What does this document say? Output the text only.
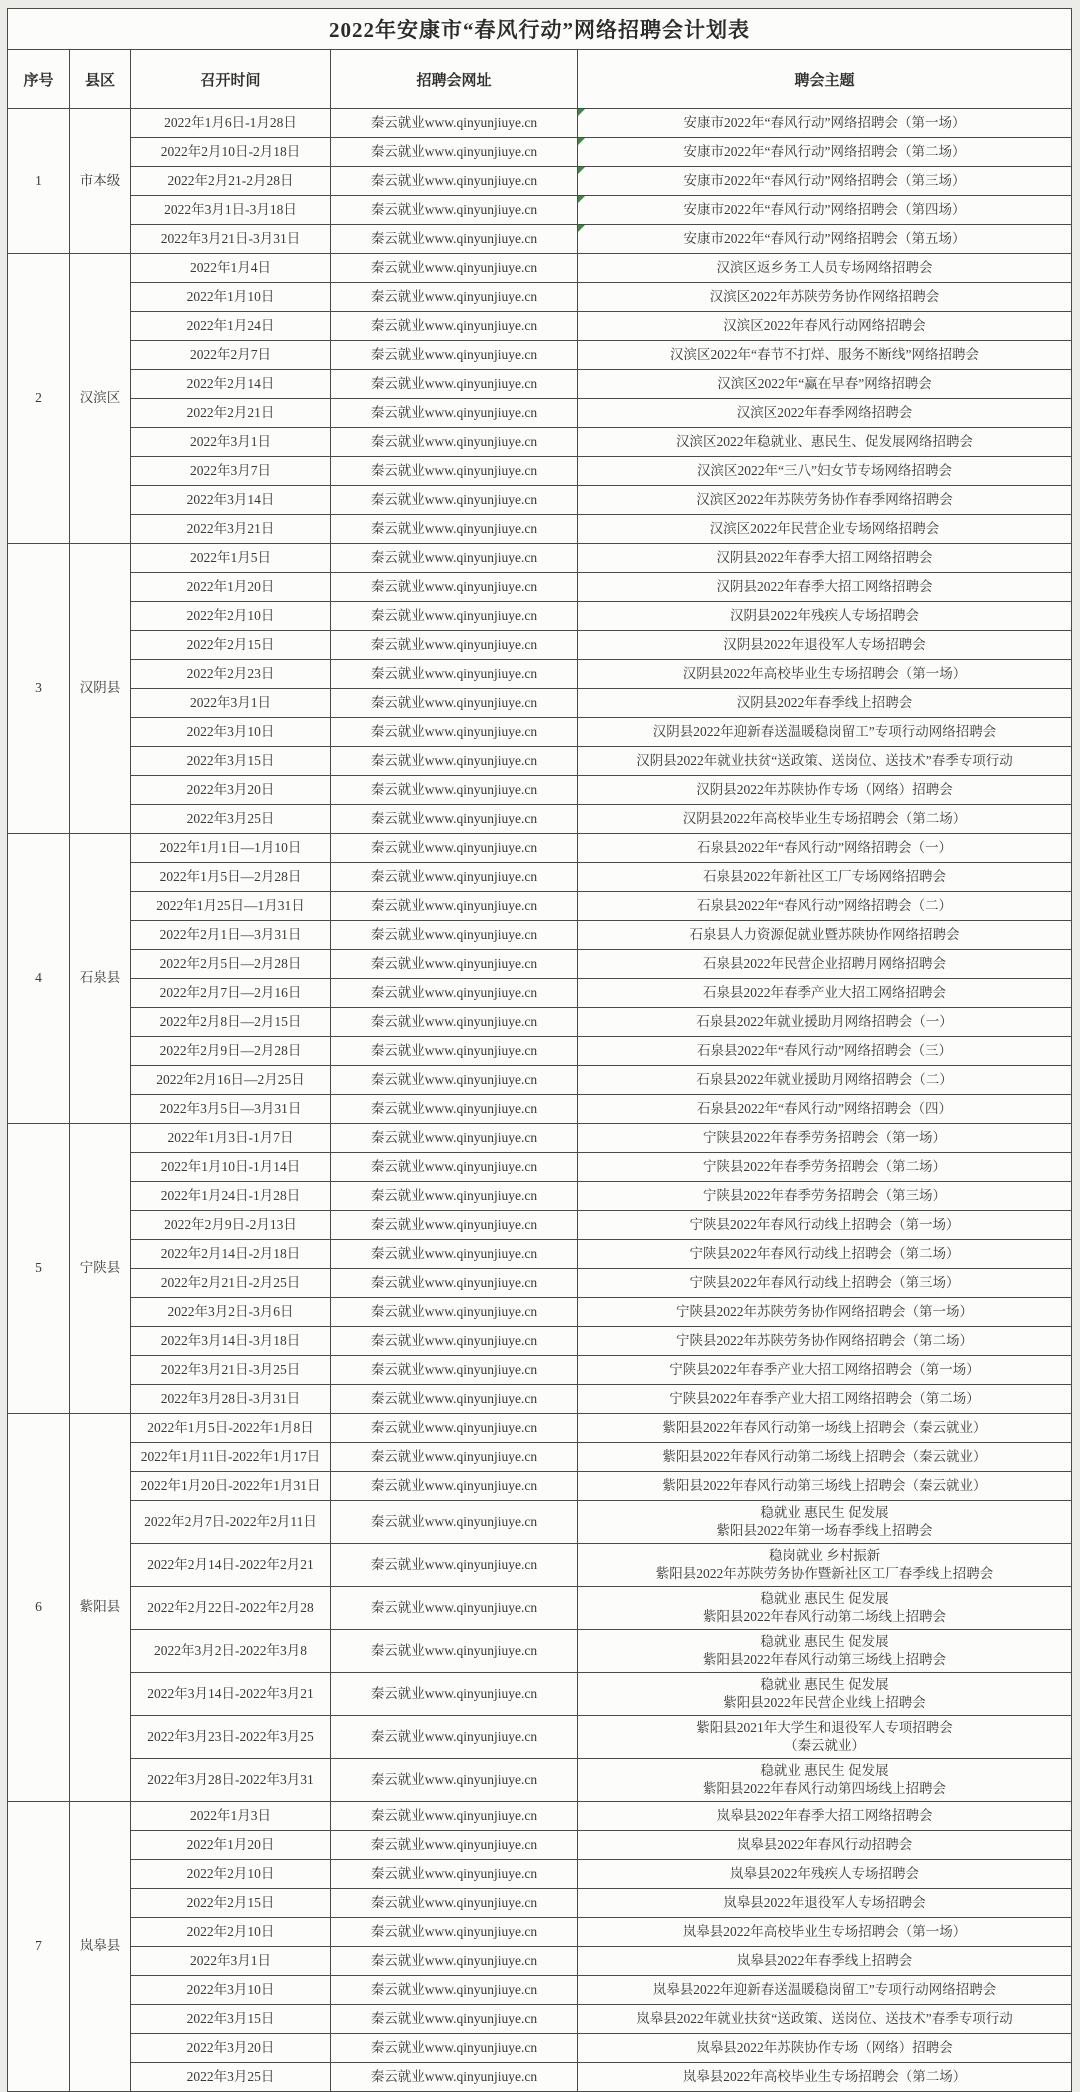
2022年安康市“春风行动”网络招聘会计划表				
序号	县区	召开时间	招聘会网址	聘会主题
1	市本级	2022年1月6日-1月28日	秦云就业www.qinyunjiuye.cn	安康市2022年“春风行动”网络招聘会（第一场）
		2022年2月10日-2月18日	秦云就业www.qinyunjiuye.cn	安康市2022年“春风行动”网络招聘会（第二场）
		2022年2月21-2月28日	秦云就业www.qinyunjiuye.cn	安康市2022年“春风行动”网络招聘会（第三场）
		2022年3月1日-3月18日	秦云就业www.qinyunjiuye.cn	安康市2022年“春风行动”网络招聘会（第四场）
		2022年3月21日-3月31日	秦云就业www.qinyunjiuye.cn	安康市2022年“春风行动”网络招聘会（第五场）
2	汉滨区	2022年1月4日	秦云就业www.qinyunjiuye.cn	汉滨区返乡务工人员专场网络招聘会
		2022年1月10日	秦云就业www.qinyunjiuye.cn	汉滨区2022年苏陕劳务协作网络招聘会
		2022年1月24日	秦云就业www.qinyunjiuye.cn	汉滨区2022年春风行动网络招聘会
		2022年2月7日	秦云就业www.qinyunjiuye.cn	汉滨区2022年“春节不打烊、服务不断线”网络招聘会
		2022年2月14日	秦云就业www.qinyunjiuye.cn	汉滨区2022年“赢在早春”网络招聘会
		2022年2月21日	秦云就业www.qinyunjiuye.cn	汉滨区2022年春季网络招聘会
		2022年3月1日	秦云就业www.qinyunjiuye.cn	汉滨区2022年稳就业、惠民生、促发展网络招聘会
		2022年3月7日	秦云就业www.qinyunjiuye.cn	汉滨区2022年“三八”妇女节专场网络招聘会
		2022年3月14日	秦云就业www.qinyunjiuye.cn	汉滨区2022年苏陕劳务协作春季网络招聘会
		2022年3月21日	秦云就业www.qinyunjiuye.cn	汉滨区2022年民营企业专场网络招聘会
3	汉阴县	2022年1月5日	秦云就业www.qinyunjiuye.cn	汉阴县2022年春季大招工网络招聘会
		2022年1月20日	秦云就业www.qinyunjiuye.cn	汉阴县2022年春季大招工网络招聘会
		2022年2月10日	秦云就业www.qinyunjiuye.cn	汉阴县2022年残疾人专场招聘会
		2022年2月15日	秦云就业www.qinyunjiuye.cn	汉阴县2022年退役军人专场招聘会
		2022年2月23日	秦云就业www.qinyunjiuye.cn	汉阴县2022年高校毕业生专场招聘会（第一场）
		2022年3月1日	秦云就业www.qinyunjiuye.cn	汉阴县2022年春季线上招聘会
		2022年3月10日	秦云就业www.qinyunjiuye.cn	汉阴县2022年迎新春送温暖稳岗留工”专项行动网络招聘会
		2022年3月15日	秦云就业www.qinyunjiuye.cn	汉阴县2022年就业扶贫“送政策、送岗位、送技术”春季专项行动
		2022年3月20日	秦云就业www.qinyunjiuye.cn	汉阴县2022年苏陕协作专场（网络）招聘会
		2022年3月25日	秦云就业www.qinyunjiuye.cn	汉阴县2022年高校毕业生专场招聘会（第二场）
4	石泉县	2022年1月1日—1月10日	秦云就业www.qinyunjiuye.cn	石泉县2022年“春风行动”网络招聘会（一）
		2022年1月5日—2月28日	秦云就业www.qinyunjiuye.cn	石泉县2022年新社区工厂专场网络招聘会
		2022年1月25日—1月31日	秦云就业www.qinyunjiuye.cn	石泉县2022年“春风行动”网络招聘会（二）
		2022年2月1日—3月31日	秦云就业www.qinyunjiuye.cn	石泉县人力资源促就业暨苏陕协作网络招聘会
		2022年2月5日—2月28日	秦云就业www.qinyunjiuye.cn	石泉县2022年民营企业招聘月网络招聘会
		2022年2月7日—2月16日	秦云就业www.qinyunjiuye.cn	石泉县2022年春季产业大招工网络招聘会
		2022年2月8日—2月15日	秦云就业www.qinyunjiuye.cn	石泉县2022年就业援助月网络招聘会（一）
		2022年2月9日—2月28日	秦云就业www.qinyunjiuye.cn	石泉县2022年“春风行动”网络招聘会（三）
		2022年2月16日—2月25日	秦云就业www.qinyunjiuye.cn	石泉县2022年就业援助月网络招聘会（二）
		2022年3月5日—3月31日	秦云就业www.qinyunjiuye.cn	石泉县2022年“春风行动”网络招聘会（四）
5	宁陕县	2022年1月3日-1月7日	秦云就业www.qinyunjiuye.cn	宁陕县2022年春季劳务招聘会（第一场）
		2022年1月10日-1月14日	秦云就业www.qinyunjiuye.cn	宁陕县2022年春季劳务招聘会（第二场）
		2022年1月24日-1月28日	秦云就业www.qinyunjiuye.cn	宁陕县2022年春季劳务招聘会（第三场）
		2022年2月9日-2月13日	秦云就业www.qinyunjiuye.cn	宁陕县2022年春风行动线上招聘会（第一场）
		2022年2月14日-2月18日	秦云就业www.qinyunjiuye.cn	宁陕县2022年春风行动线上招聘会（第二场）
		2022年2月21日-2月25日	秦云就业www.qinyunjiuye.cn	宁陕县2022年春风行动线上招聘会（第三场）
		2022年3月2日-3月6日	秦云就业www.qinyunjiuye.cn	宁陕县2022年苏陕劳务协作网络招聘会（第一场）
		2022年3月14日-3月18日	秦云就业www.qinyunjiuye.cn	宁陕县2022年苏陕劳务协作网络招聘会（第二场）
		2022年3月21日-3月25日	秦云就业www.qinyunjiuye.cn	宁陕县2022年春季产业大招工网络招聘会（第一场）
		2022年3月28日-3月31日	秦云就业www.qinyunjiuye.cn	宁陕县2022年春季产业大招工网络招聘会（第二场）
6	紫阳县	2022年1月5日-2022年1月8日	秦云就业www.qinyunjiuye.cn	紫阳县2022年春风行动第一场线上招聘会（秦云就业）
		2022年1月11日-2022年1月17日	秦云就业www.qinyunjiuye.cn	紫阳县2022年春风行动第二场线上招聘会（秦云就业）
		2022年1月20日-2022年1月31日	秦云就业www.qinyunjiuye.cn	紫阳县2022年春风行动第三场线上招聘会（秦云就业）
		2022年2月7日-2022年2月11日	秦云就业www.qinyunjiuye.cn	稳就业 惠民生 促发展
紫阳县2022年第一场春季线上招聘会

		2022年2月14日-2022年2月21	秦云就业www.qinyunjiuye.cn	稳岗就业 乡村振新
紫阳县2022年苏陕劳务协作暨新社区工厂春季线上招聘会

		2022年2月22日-2022年2月28	秦云就业www.qinyunjiuye.cn	稳就业 惠民生 促发展
紫阳县2022年春风行动第二场线上招聘会

		2022年3月2日-2022年3月8	秦云就业www.qinyunjiuye.cn	稳就业 惠民生 促发展
紫阳县2022年春风行动第三场线上招聘会

		2022年3月14日-2022年3月21	秦云就业www.qinyunjiuye.cn	稳就业 惠民生 促发展
紫阳县2022年民营企业线上招聘会

		2022年3月23日-2022年3月25	秦云就业www.qinyunjiuye.cn	紫阳县2021年大学生和退役军人专项招聘会
（秦云就业）

		2022年3月28日-2022年3月31	秦云就业www.qinyunjiuye.cn	稳就业 惠民生 促发展
紫阳县2022年春风行动第四场线上招聘会

7	岚皋县	2022年1月3日	秦云就业www.qinyunjiuye.cn	岚皋县2022年春季大招工网络招聘会
		2022年1月20日	秦云就业www.qinyunjiuye.cn	岚皋县2022年春风行动招聘会
		2022年2月10日	秦云就业www.qinyunjiuye.cn	岚皋县2022年残疾人专场招聘会
		2022年2月15日	秦云就业www.qinyunjiuye.cn	岚皋县2022年退役军人专场招聘会
		2022年2月10日	秦云就业www.qinyunjiuye.cn	岚皋县2022年高校毕业生专场招聘会（第一场）
		2022年3月1日	秦云就业www.qinyunjiuye.cn	岚皋县2022年春季线上招聘会
		2022年3月10日	秦云就业www.qinyunjiuye.cn	岚皋县2022年迎新春送温暖稳岗留工”专项行动网络招聘会
		2022年3月15日	秦云就业www.qinyunjiuye.cn	岚皋县2022年就业扶贫“送政策、送岗位、送技术”春季专项行动
		2022年3月20日	秦云就业www.qinyunjiuye.cn	岚皋县2022年苏陕协作专场（网络）招聘会
		2022年3月25日	秦云就业www.qinyunjiuye.cn	岚皋县2022年高校毕业生专场招聘会（第二场）
